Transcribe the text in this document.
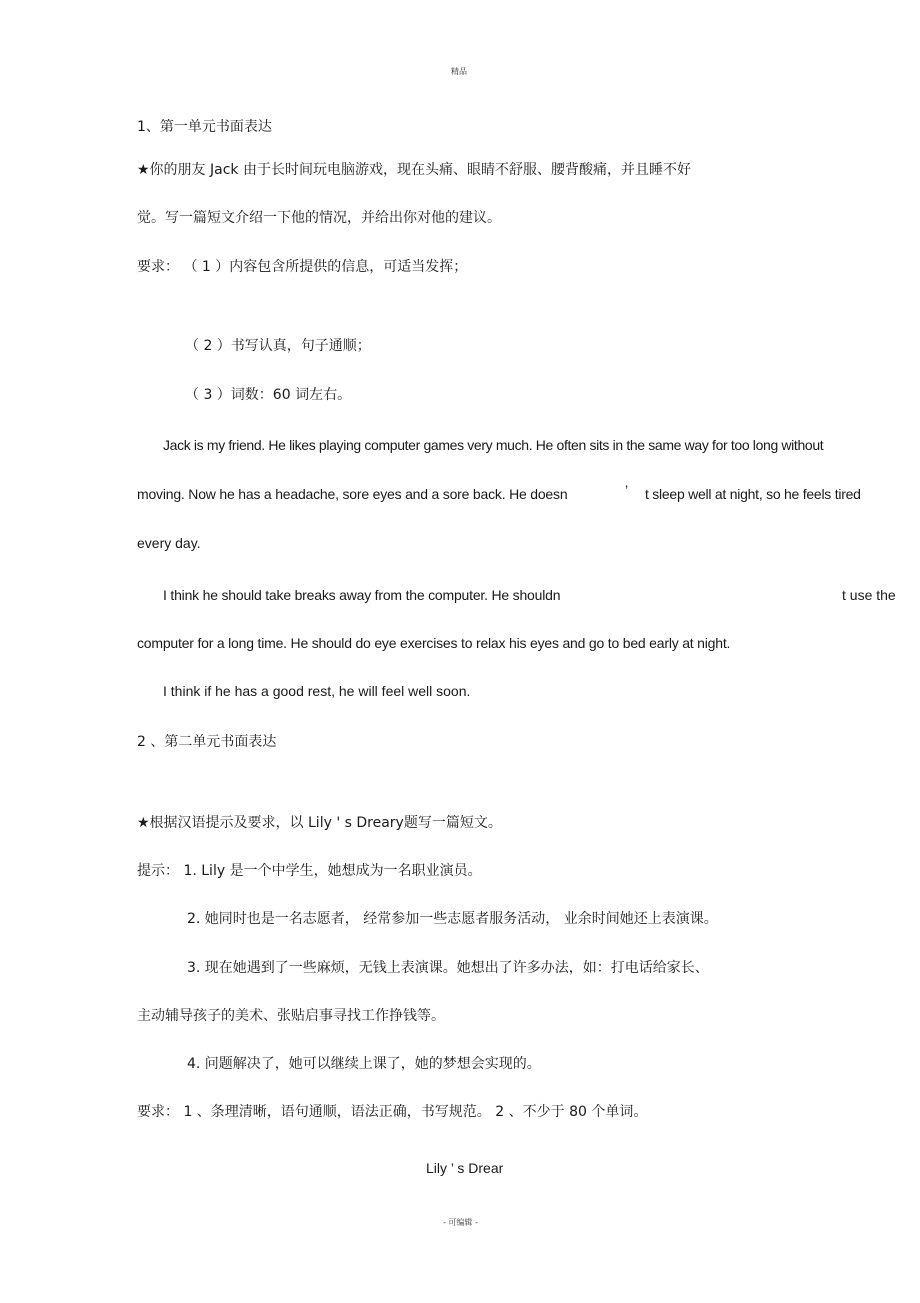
精品
1、第一单元书面表达
★你的朋友 Jack 由于长时间玩电脑游戏，现在头痛、眼睛不舒服、腰背酸痛，并且睡不好
觉。写一篇短文介绍一下他的情况，并给出你对他的建议。
要求： （ 1 ）内容包含所提供的信息，可适当发挥；
（ 2 ）书写认真，句子通顺；
（ 3 ）词数：60 词左右。
Jack is my friend. He likes playing computer games very much. He often sits in the same way for too long without
moving. Now he has a headache, sore eyes and a sore back. He doesn	’ t sleep well at night, so he feels tired
every day.
I think he should take breaks away from the computer. He shouldn	t use the
computer for a long time. He should do eye exercises to relax his eyes and go to bed early at night.
I think if he has a good rest, he will feel well soon.
2 、第二单元书面表达
★根据汉语提示及要求，以 Lily ' s Dreary题写一篇短文。
提示： 1. Lily 是一个中学生，她想成为一名职业演员。
2. 她同时也是一名志愿者， 经常参加一些志愿者服务活动， 业余时间她还上表演课。
3. 现在她遇到了一些麻烦，无钱上表演课。她想出了许多办法，如：打电话给家长、
主动辅导孩子的美术、张贴启事寻找工作挣钱等。
4. 问题解决了，她可以继续上课了，她的梦想会实现的。
要求： 1 、条理清晰，语句通顺，语法正确，书写规范。 2 、不少于 80 个单词。
Lily ’ s Drear
- 可编辑 -
